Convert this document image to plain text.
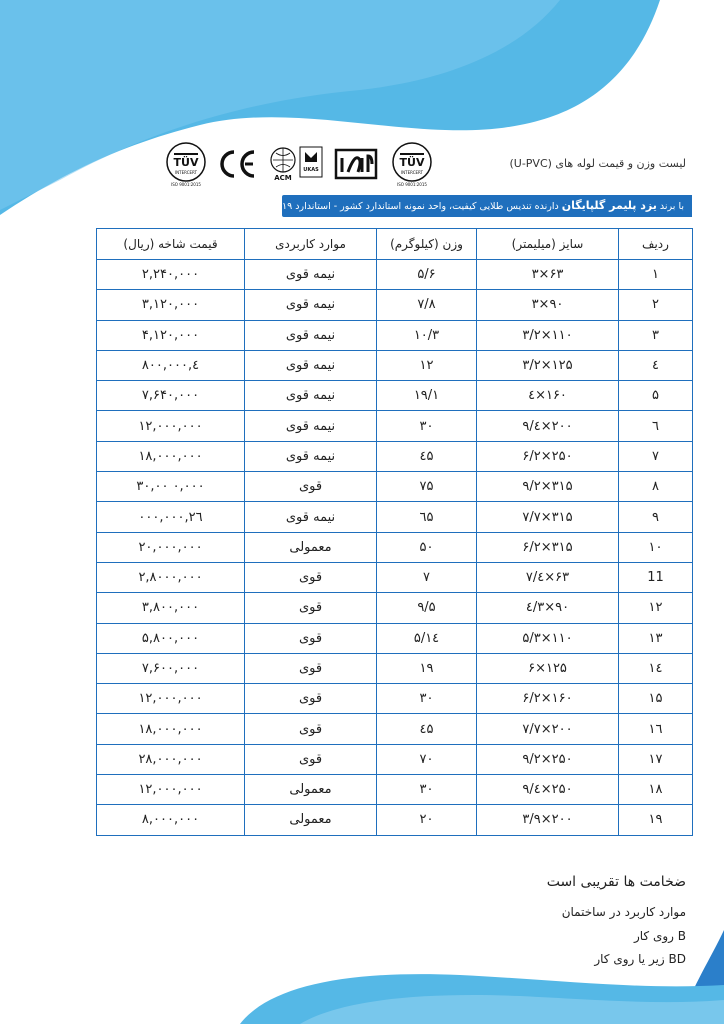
لیست وزن و قیمت لوله های (U-PVC)
TÜV
INTERCERT
ISO 9001:2015
ACM
UKAS
TÜV
INTERCERT
ISO 9001:2015
با برند یزد پلیمر گلپایگان دارنده تندیس طلایی کیفیت، واحد نمونه استاندارد کشور - استاندارد ۹۱۱۹
ردیف	سایز (میلیمتر)	وزن (کیلوگرم)	موارد کاربردی	قیمت شاخه (ریال)
١	۶۳×۳	۵/۶	نیمه قوی	۲,۲۴۰,۰۰۰
۲	۹۰×۳	۷/۸	نیمه قوی	۳,۱۲۰,۰۰۰
۳	۱۱۰×۳/۲	۱۰/۳	نیمه قوی	۴,۱۲۰,۰۰۰
٤	۱۲۵×۳/۲	۱۲	نیمه قوی	٤,۸۰۰,۰۰۰
۵	۱۶۰×٤	۱۹/۱	نیمه قوی	۷,۶۴۰,۰۰۰
٦	۲۰۰×٤/۹	۳۰	نیمه قوی	۱۲,۰۰۰,۰۰۰
۷	۲۵۰×۶/۲	٤۵	نیمه قوی	۱۸,۰۰۰,۰۰۰
۸	۳۱۵×۹/۲	۷۵	قوی	۰,۰۰۰ ۳۰,۰۰
۹	۳۱۵×۷/۷	٦۵	نیمه قوی	۲٦,۰۰۰,۰۰۰
۱۰	۳۱۵×۶/۲	۵۰	معمولی	۲۰,۰۰۰,۰۰۰
11	۶۳×٤/۷	۷	قوی	۲,۸۰۰۰,۰۰۰
۱۲	۹۰×۳/٤	۹/۵	قوی	۳,۸۰۰,۰۰۰
۱۳	۱۱۰×۵/۳	۱٤/۵	قوی	۵,۸۰۰,۰۰۰
١٤	۱۲۵×۶	۱۹	قوی	۷,۶۰۰,۰۰۰
۱۵	۱۶۰×۶/۲	۳۰	قوی	۱۲,۰۰۰,۰۰۰
۱٦	۲۰۰×۷/۷	٤۵	قوی	۱۸,۰۰۰,۰۰۰
۱۷	۲۵۰×۹/۲	۷۰	قوی	۲۸,۰۰۰,۰۰۰
۱۸	۲۵۰×٤/۹	۳۰	معمولی	۱۲,۰۰۰,۰۰۰
۱۹	۲۰۰×۳/۹	۲۰	معمولی	۸,۰۰۰,۰۰۰
ضخامت ها تقریبی است
موارد کاربرد در ساختمان
B روی کار
BD زیر یا روی کار
